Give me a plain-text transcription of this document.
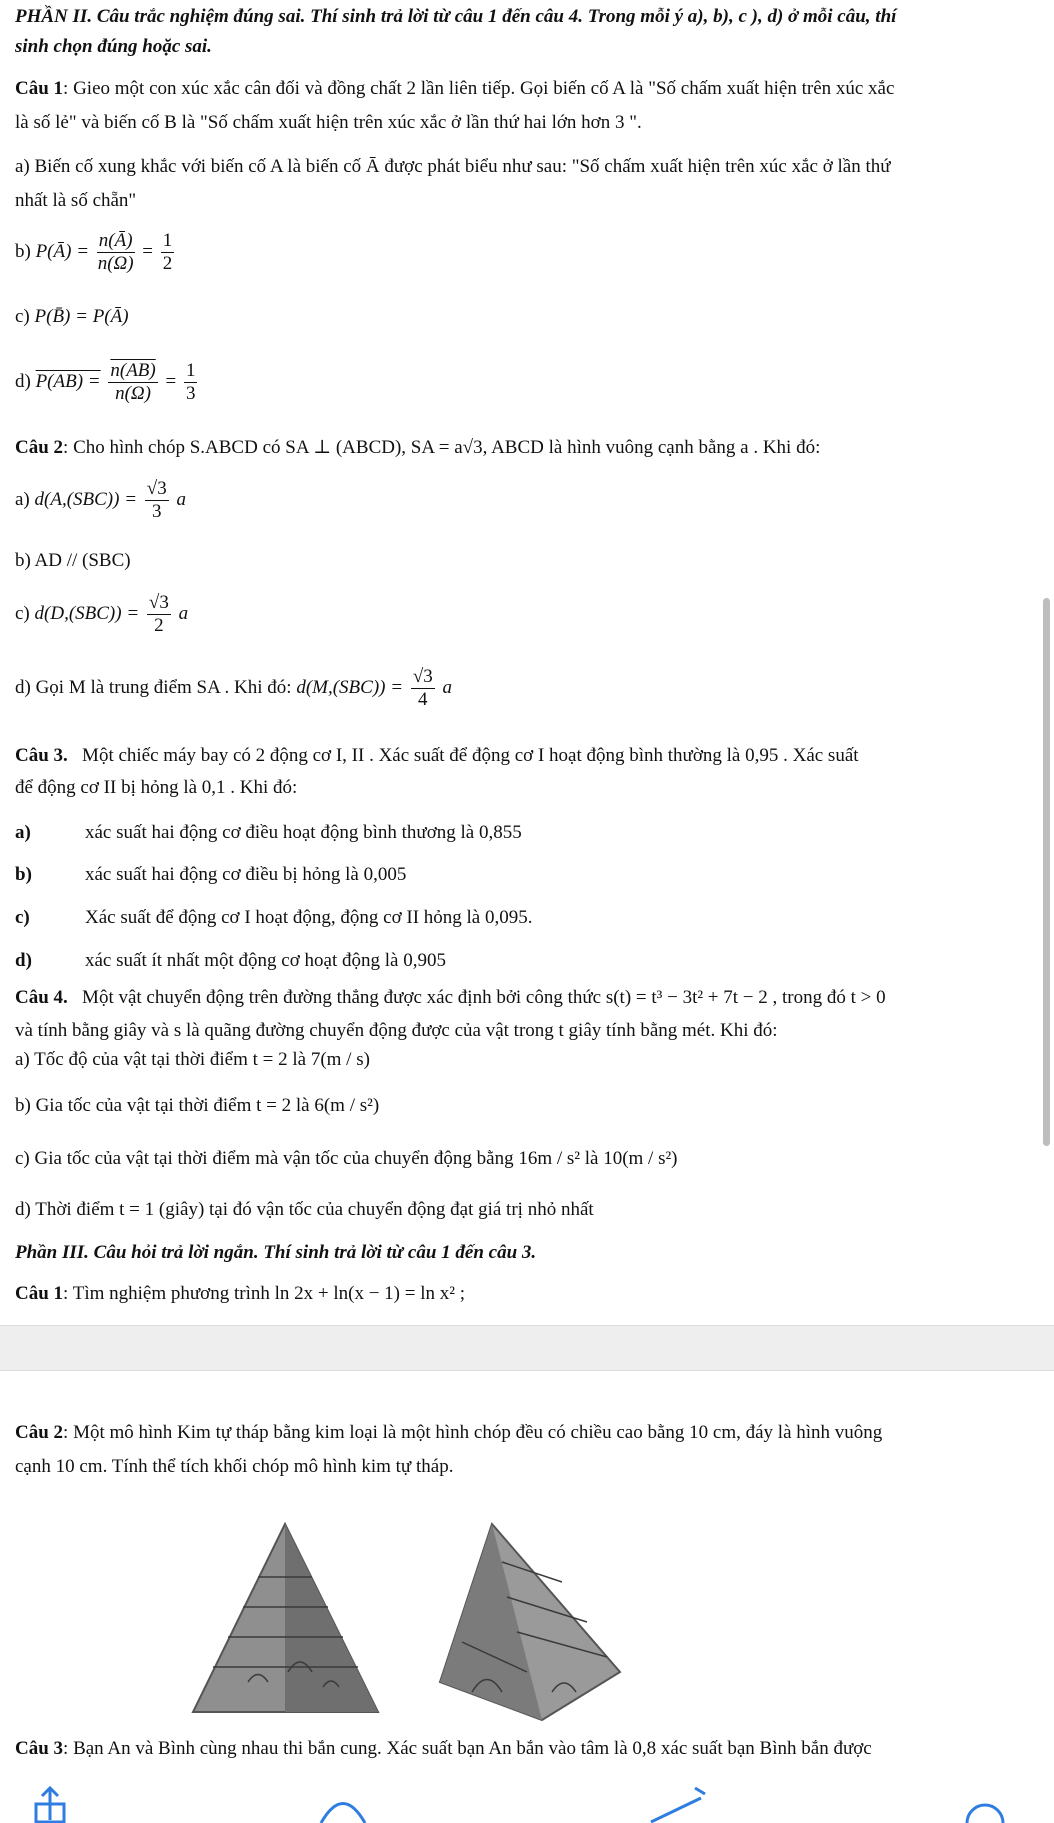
PHẦN II. Câu trắc nghiệm đúng sai. Thí sinh trả lời từ câu 1 đến câu 4. Trong mỗi ý a), b), c ), d) ở mỗi câu, thí
sinh chọn đúng hoặc sai.
Câu 1: Gieo một con xúc xắc cân đối và đồng chất 2 lần liên tiếp. Gọi biến cố A là "Số chấm xuất hiện trên xúc xắc
là số lẻ" và biến cố B là "Số chấm xuất hiện trên xúc xắc ở lần thứ hai lớn hơn 3 ".
a) Biến cố xung khắc với biến cố A là biến cố Ā được phát biểu như sau: "Số chấm xuất hiện trên xúc xắc ở lần thứ
nhất là số chẵn"
b) P(Ā) = $\frac{n(Ā)}{n(\Omega)} = \frac{1}{2}$
c) P(B̄) = P(Ā)
d) $P(AB) = \frac{n(AB)}{n(\Omega)} = \frac{1}{3}$
Câu 2: Cho hình chóp S.ABCD có SA ⊥ (ABCD), SA = a√3, ABCD là hình vuông cạnh bằng a . Khi đó:
a) $d(A,(SBC)) = \frac{√3}{3}$ a
b) AD // (SBC)
c) $d(D,(SBC)) = \frac{√3}{2}$ a
d) Gọi M là trung điểm SA . Khi đó: $d(M,(SBC)) = \frac{√3}{4}$ a
Câu 3. Một chiếc máy bay có 2 động cơ I, II . Xác suất để động cơ I hoạt động bình thường là 0,95 . Xác suất
để động cơ II bị hỏng là 0,1 . Khi đó:
a)	xác suất hai động cơ điều hoạt động bình thương là 0,855
b)	xác suất hai động cơ điều bị hỏng là 0,005
c)	Xác suất để động cơ I hoạt động, động cơ II hỏng là 0,095.
d)	xác suất ít nhất một động cơ hoạt động là 0,905
Câu 4. Một vật chuyển động trên đường thẳng được xác định bởi công thức s(t) = t³ − 3t² + 7t − 2 , trong đó t > 0
và tính bằng giây và s là quãng đường chuyển động được của vật trong t giây tính bằng mét. Khi đó:
a) Tốc độ của vật tại thời điểm t = 2 là 7(m / s)
b) Gia tốc của vật tại thời điểm t = 2 là 6(m / s²)
c) Gia tốc của vật tại thời điểm mà vận tốc của chuyển động bằng 16m / s² là 10(m / s²)
d) Thời điểm t = 1 (giây) tại đó vận tốc của chuyển động đạt giá trị nhỏ nhất
Phần III. Câu hỏi trả lời ngắn. Thí sinh trả lời từ câu 1 đến câu 3.
Câu 1: Tìm nghiệm phương trình ln 2x + ln(x − 1) = ln x² ;
Câu 2: Một mô hình Kim tự tháp bằng kim loại là một hình chóp đều có chiều cao bằng 10 cm, đáy là hình vuông
cạnh 10 cm. Tính thể tích khối chóp mô hình kim tự tháp.
Câu 3: Bạn An và Bình cùng nhau thi bắn cung. Xác suất bạn An bắn vào tâm là 0,8 xác suất bạn Bình bắn được
